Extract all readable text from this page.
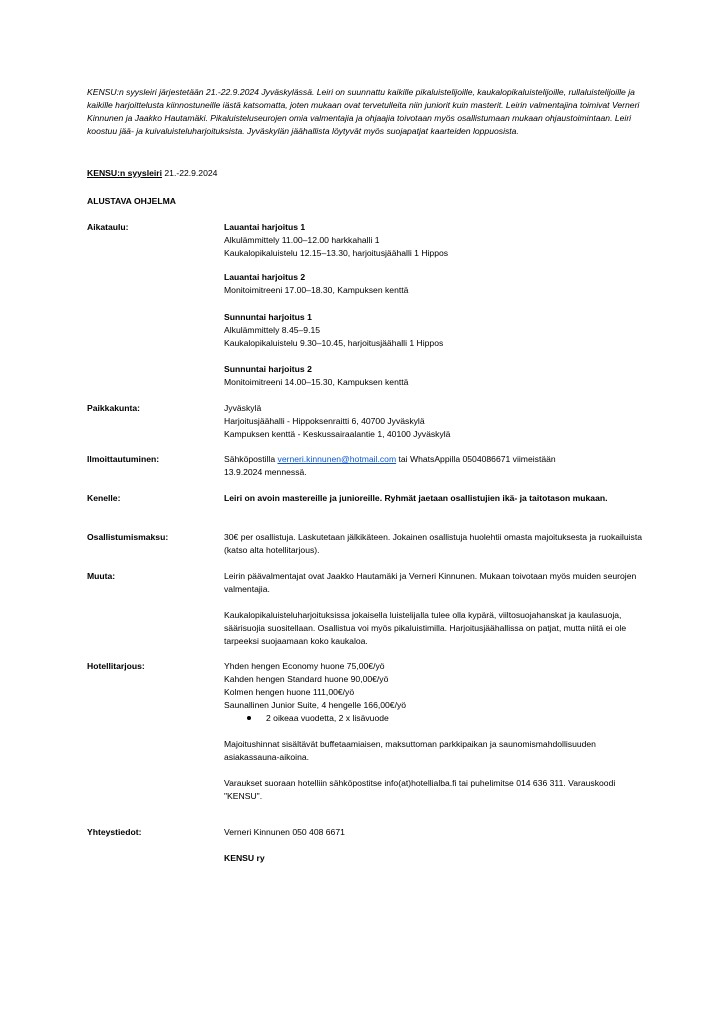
KENSU:n syysleiri järjestetään 21.-22.9.2024 Jyväskylässä. Leiri on suunnattu kaikille pikaluistelijoille, kaukalopikaluistelijoille, rullaluistelijoille ja kaikille harjoittelusta kiinnostuneille iästä katsomatta, joten mukaan ovat tervetulleita niin juniorit kuin masterit. Leirin valmentajina toimivat Verneri Kinnunen ja Jaakko Hautamäki. Pikaluisteluseurojen omia valmentajia ja ohjaajia toivotaan myös osallistumaan mukaan ohjaustoimintaan. Leiri koostuu jää- ja kuivaluisteluharjoituksista. Jyväskylän jäähallista löytyvät myös suojapatjat kaarteiden loppuosista.

KENSU:n syysleiri 21.-22.9.2024
ALUSTAVA OHJELMA
Aikataulu:	Lauantai harjoitus 1

Alkulämmittely 11.00–12.00 harkkahalli 1

Kaukalopikaluistelu 12.15–13.30, harjoitusjäähalli 1 Hippos

Lauantai harjoitus 2

Monitoimitreeni 17.00–18.30, Kampuksen kenttä

Sunnuntai harjoitus 1

Alkulämmittely 8.45–9.15

Kaukalopikaluistelu 9.30–10.45, harjoitusjäähalli 1 Hippos

Sunnuntai harjoitus 2

Monitoimitreeni 14.00–15.30, Kampuksen kenttä

Paikkakunta:	Jyväskylä

Harjoitusjäähalli - Hippoksenraitti 6, 40700 Jyväskylä

Kampuksen kenttä - Keskussairaalantie 1, 40100 Jyväskylä

Ilmoittautuminen:	Sähköpostilla verneri.kinnunen@hotmail.com tai WhatsAppilla 0504086671 viimeistään

13.9.2024 mennessä.

Kenelle:	Leiri on avoin mastereille ja junioreille. Ryhmät jaetaan osallistujien ikä- ja taitotason mukaan.
Osallistumismaksu:	30€ per osallistuja. Laskutetaan jälkikäteen. Jokainen osallistuja huolehtii omasta majoituksesta ja ruokailuista (katso alta hotellitarjous).
Muuta:	Leirin päävalmentajat ovat Jaakko Hautamäki ja Verneri Kinnunen. Mukaan toivotaan myös muiden seurojen valmentajia.
Kaukalopikaluisteluharjoituksissa jokaisella luistelijalla tulee olla kypärä, viiltosuojahanskat ja kaulasuoja, säärisuojia suositellaan. Osallistua voi myös pikaluistimilla. Harjoitusjäähallissa on patjat, mutta niitä ei ole tarpeeksi suojaamaan koko kaukaloa.
Hotellitarjous:	Yhden hengen Economy huone 75,00€/yö

Kahden hengen Standard huone 90,00€/yö

Kolmen hengen huone 111,00€/yö

Saunallinen Junior Suite, 4 hengelle 166,00€/yö

2 oikeaa vuodetta, 2 x lisävuode
Majoitushinnat sisältävät buffetaamiaisen, maksuttoman parkkipaikan ja saunomismahdollisuuden asiakassauna-aikoina.
Varaukset suoraan hotelliin sähköpostitse info(at)hotellialba.fi tai puhelimitse 014 636 311. Varauskoodi "KENSU".
Yhteystiedot:	Verneri Kinnunen 050 408 6671
KENSU ry
